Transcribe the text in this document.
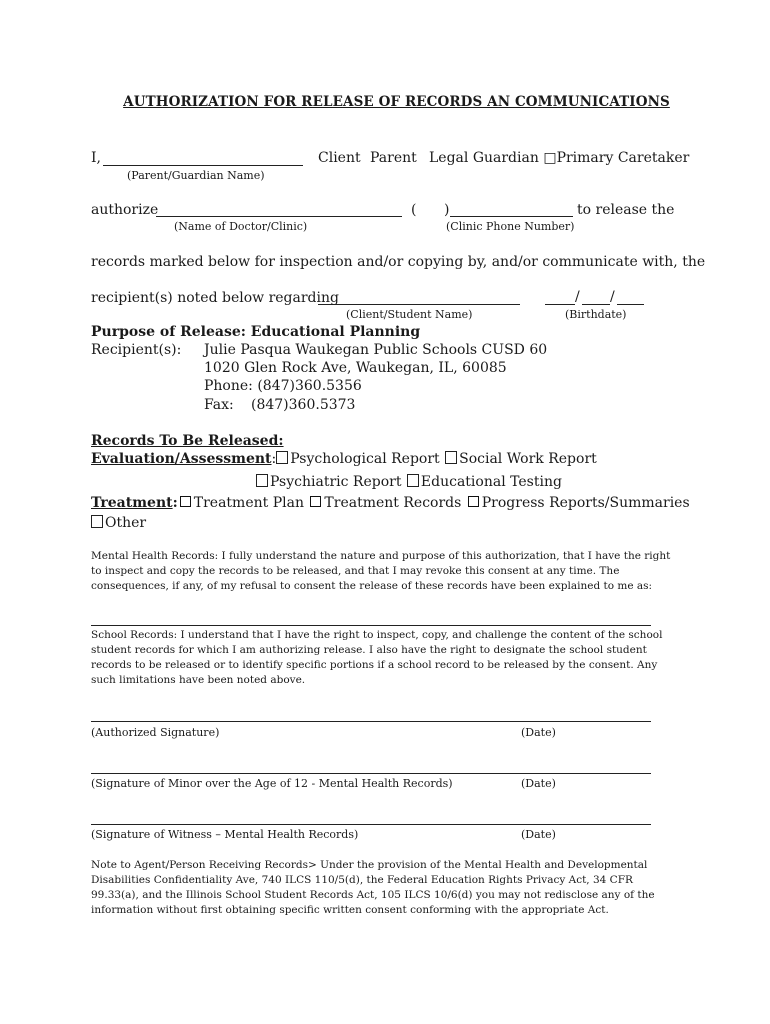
AUTHORIZATION FOR RELEASE OF RECORDS AN COMMUNICATIONS
I,	Client Parent Legal Guardian □Primary Caretaker
(Parent/Guardian Name)
authorize	( )	to release the
(Name of Doctor/Clinic)	(Clinic Phone Number)
records marked below for inspection and/or copying by, and/or communicate with, the
recipient(s) noted below regarding	/ /
(Client/Student Name)	(Birthdate)
Purpose of Release: Educational Planning
Recipient(s): Julie Pasqua Waukegan Public Schools CUSD 60
1020 Glen Rock Ave, Waukegan, IL, 60085
Phone: (847)360.5356
Fax: (847)360.5373
Records To Be Released:
Evaluation/Assessment: Psychological Report Social Work Report
Psychiatric Report Educational Testing
Treatment: Treatment Plan Treatment Records Progress Reports/Summaries
Other
Mental Health Records: I fully understand the nature and purpose of this authorization, that I have the right to inspect and copy the records to be released, and that I may revoke this consent at any time. The consequences, if any, of my refusal to consent the release of these records have been explained to me as:
School Records: I understand that I have the right to inspect, copy, and challenge the content of the school student records for which I am authorizing release. I also have the right to designate the school student records to be released or to identify specific portions if a school record to be released by the consent. Any such limitations have been noted above.
(Authorized Signature)	(Date)
(Signature of Minor over the Age of 12 - Mental Health Records)	(Date)
(Signature of Witness – Mental Health Records)	(Date)
Note to Agent/Person Receiving Records> Under the provision of the Mental Health and Developmental Disabilities Confidentiality Ave, 740 ILCS 110/5(d), the Federal Education Rights Privacy Act, 34 CFR 99.33(a), and the Illinois School Student Records Act, 105 ILCS 10/6(d) you may not redisclose any of the information without first obtaining specific written consent conforming with the appropriate Act.
